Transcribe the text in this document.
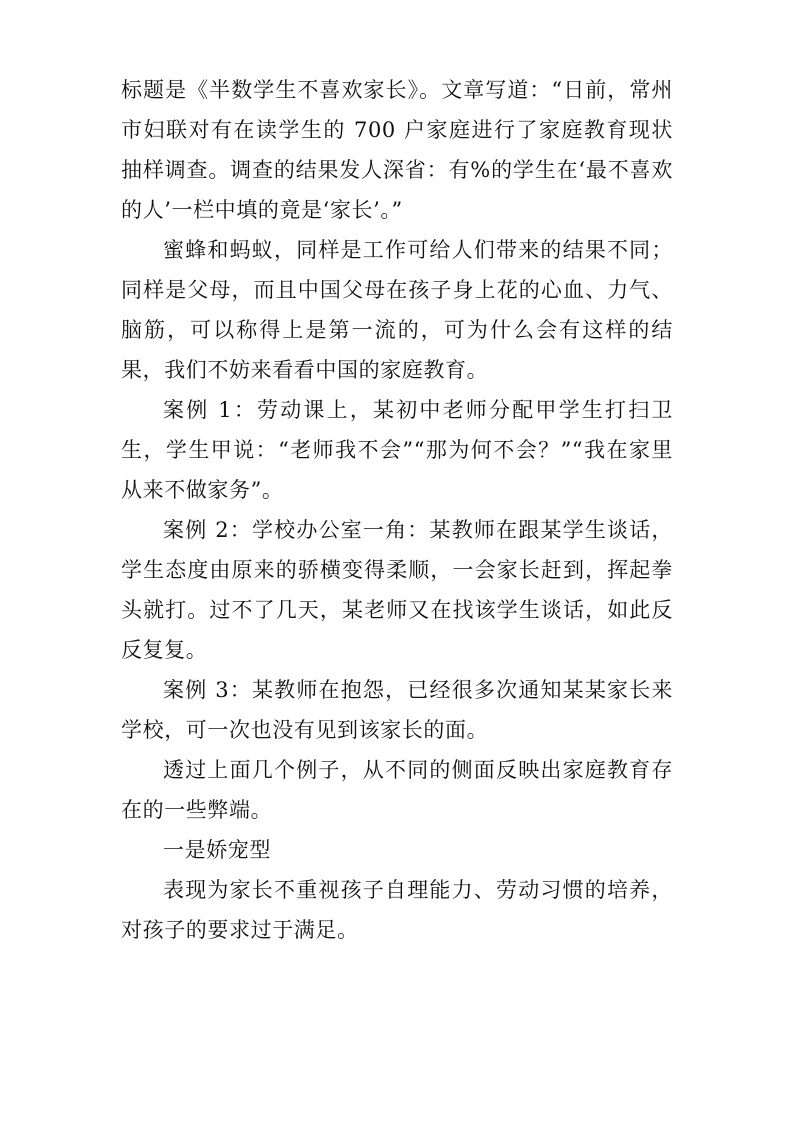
标题是《半数学生不喜欢家长》。文章写道：“日前，常州市妇联对有在读学生的 700 户家庭进行了家庭教育现状抽样调查。调查的结果发人深省：有%的学生在‘最不喜欢的人’一栏中填的竟是‘家长’。”

蜜蜂和蚂蚁，同样是工作可给人们带来的结果不同；同样是父母，而且中国父母在孩子身上花的心血、力气、脑筋，可以称得上是第一流的，可为什么会有这样的结果，我们不妨来看看中国的家庭教育。

案例 1：劳动课上，某初中老师分配甲学生打扫卫生，学生甲说：“老师我不会”“那为何不会？”“我在家里从来不做家务”。

案例 2：学校办公室一角：某教师在跟某学生谈话，学生态度由原来的骄横变得柔顺，一会家长赶到，挥起拳头就打。过不了几天，某老师又在找该学生谈话，如此反反复复。

案例 3：某教师在抱怨，已经很多次通知某某家长来学校，可一次也没有见到该家长的面。

透过上面几个例子，从不同的侧面反映出家庭教育存在的一些弊端。

一是娇宠型

表现为家长不重视孩子自理能力、劳动习惯的培养，对孩子的要求过于满足。
